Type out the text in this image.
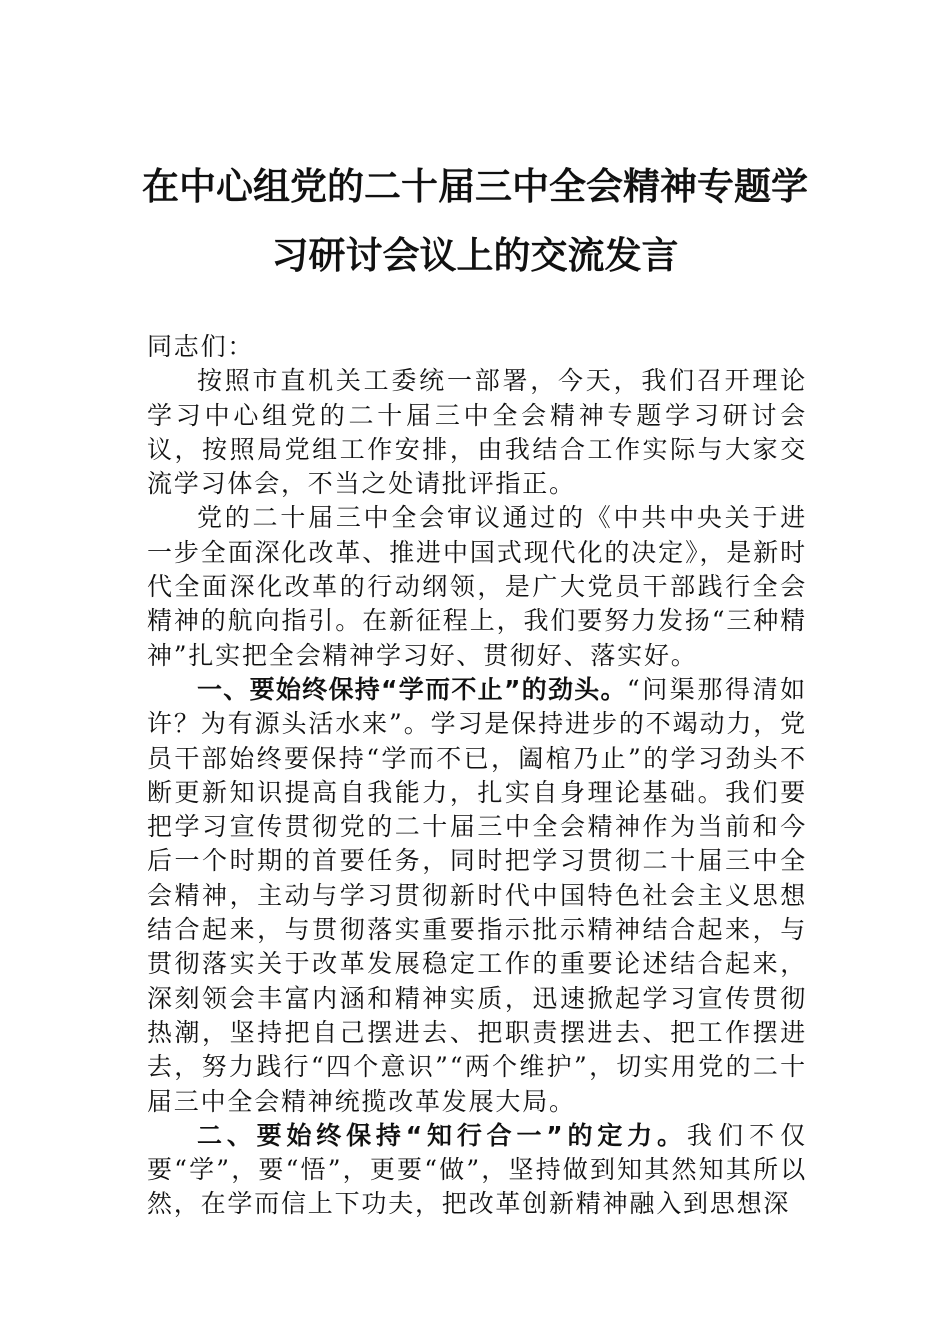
在中心组党的二十届三中全会精神专题学
习研讨会议上的交流发言

同志们：

按照市直机关工委统一部署，今天，我们召开理论学习中心组党的二十届三中全会精神专题学习研讨会议，按照局党组工作安排，由我结合工作实际与大家交流学习体会，不当之处请批评指正。

党的二十届三中全会审议通过的《中共中央关于进一步全面深化改革、推进中国式现代化的决定》，是新时代全面深化改革的行动纲领，是广大党员干部践行全会精神的航向指引。在新征程上，我们要努力发扬“三种精神”扎实把全会精神学习好、贯彻好、落实好。

一、要始终保持“学而不止”的劲头。“问渠那得清如许？为有源头活水来”。学习是保持进步的不竭动力，党员干部始终要保持“学而不已，阖棺乃止”的学习劲头不断更新知识提高自我能力，扎实自身理论基础。我们要把学习宣传贯彻党的二十届三中全会精神作为当前和今后一个时期的首要任务，同时把学习贯彻二十届三中全会精神，主动与学习贯彻新时代中国特色社会主义思想结合起来，与贯彻落实重要指示批示精神结合起来，与贯彻落实关于改革发展稳定工作的重要论述结合起来，深刻领会丰富内涵和精神实质，迅速掀起学习宣传贯彻热潮，坚持把自己摆进去、把职责摆进去、把工作摆进去，努力践行“四个意识”“两个维护”，切实用党的二十届三中全会精神统揽改革发展大局。

二、要始终保持“知行合一”的定力。我们不仅要“学”，要“悟”，更要“做”，坚持做到知其然知其所以然，在学而信上下功夫，把改革创新精神融入到思想深
